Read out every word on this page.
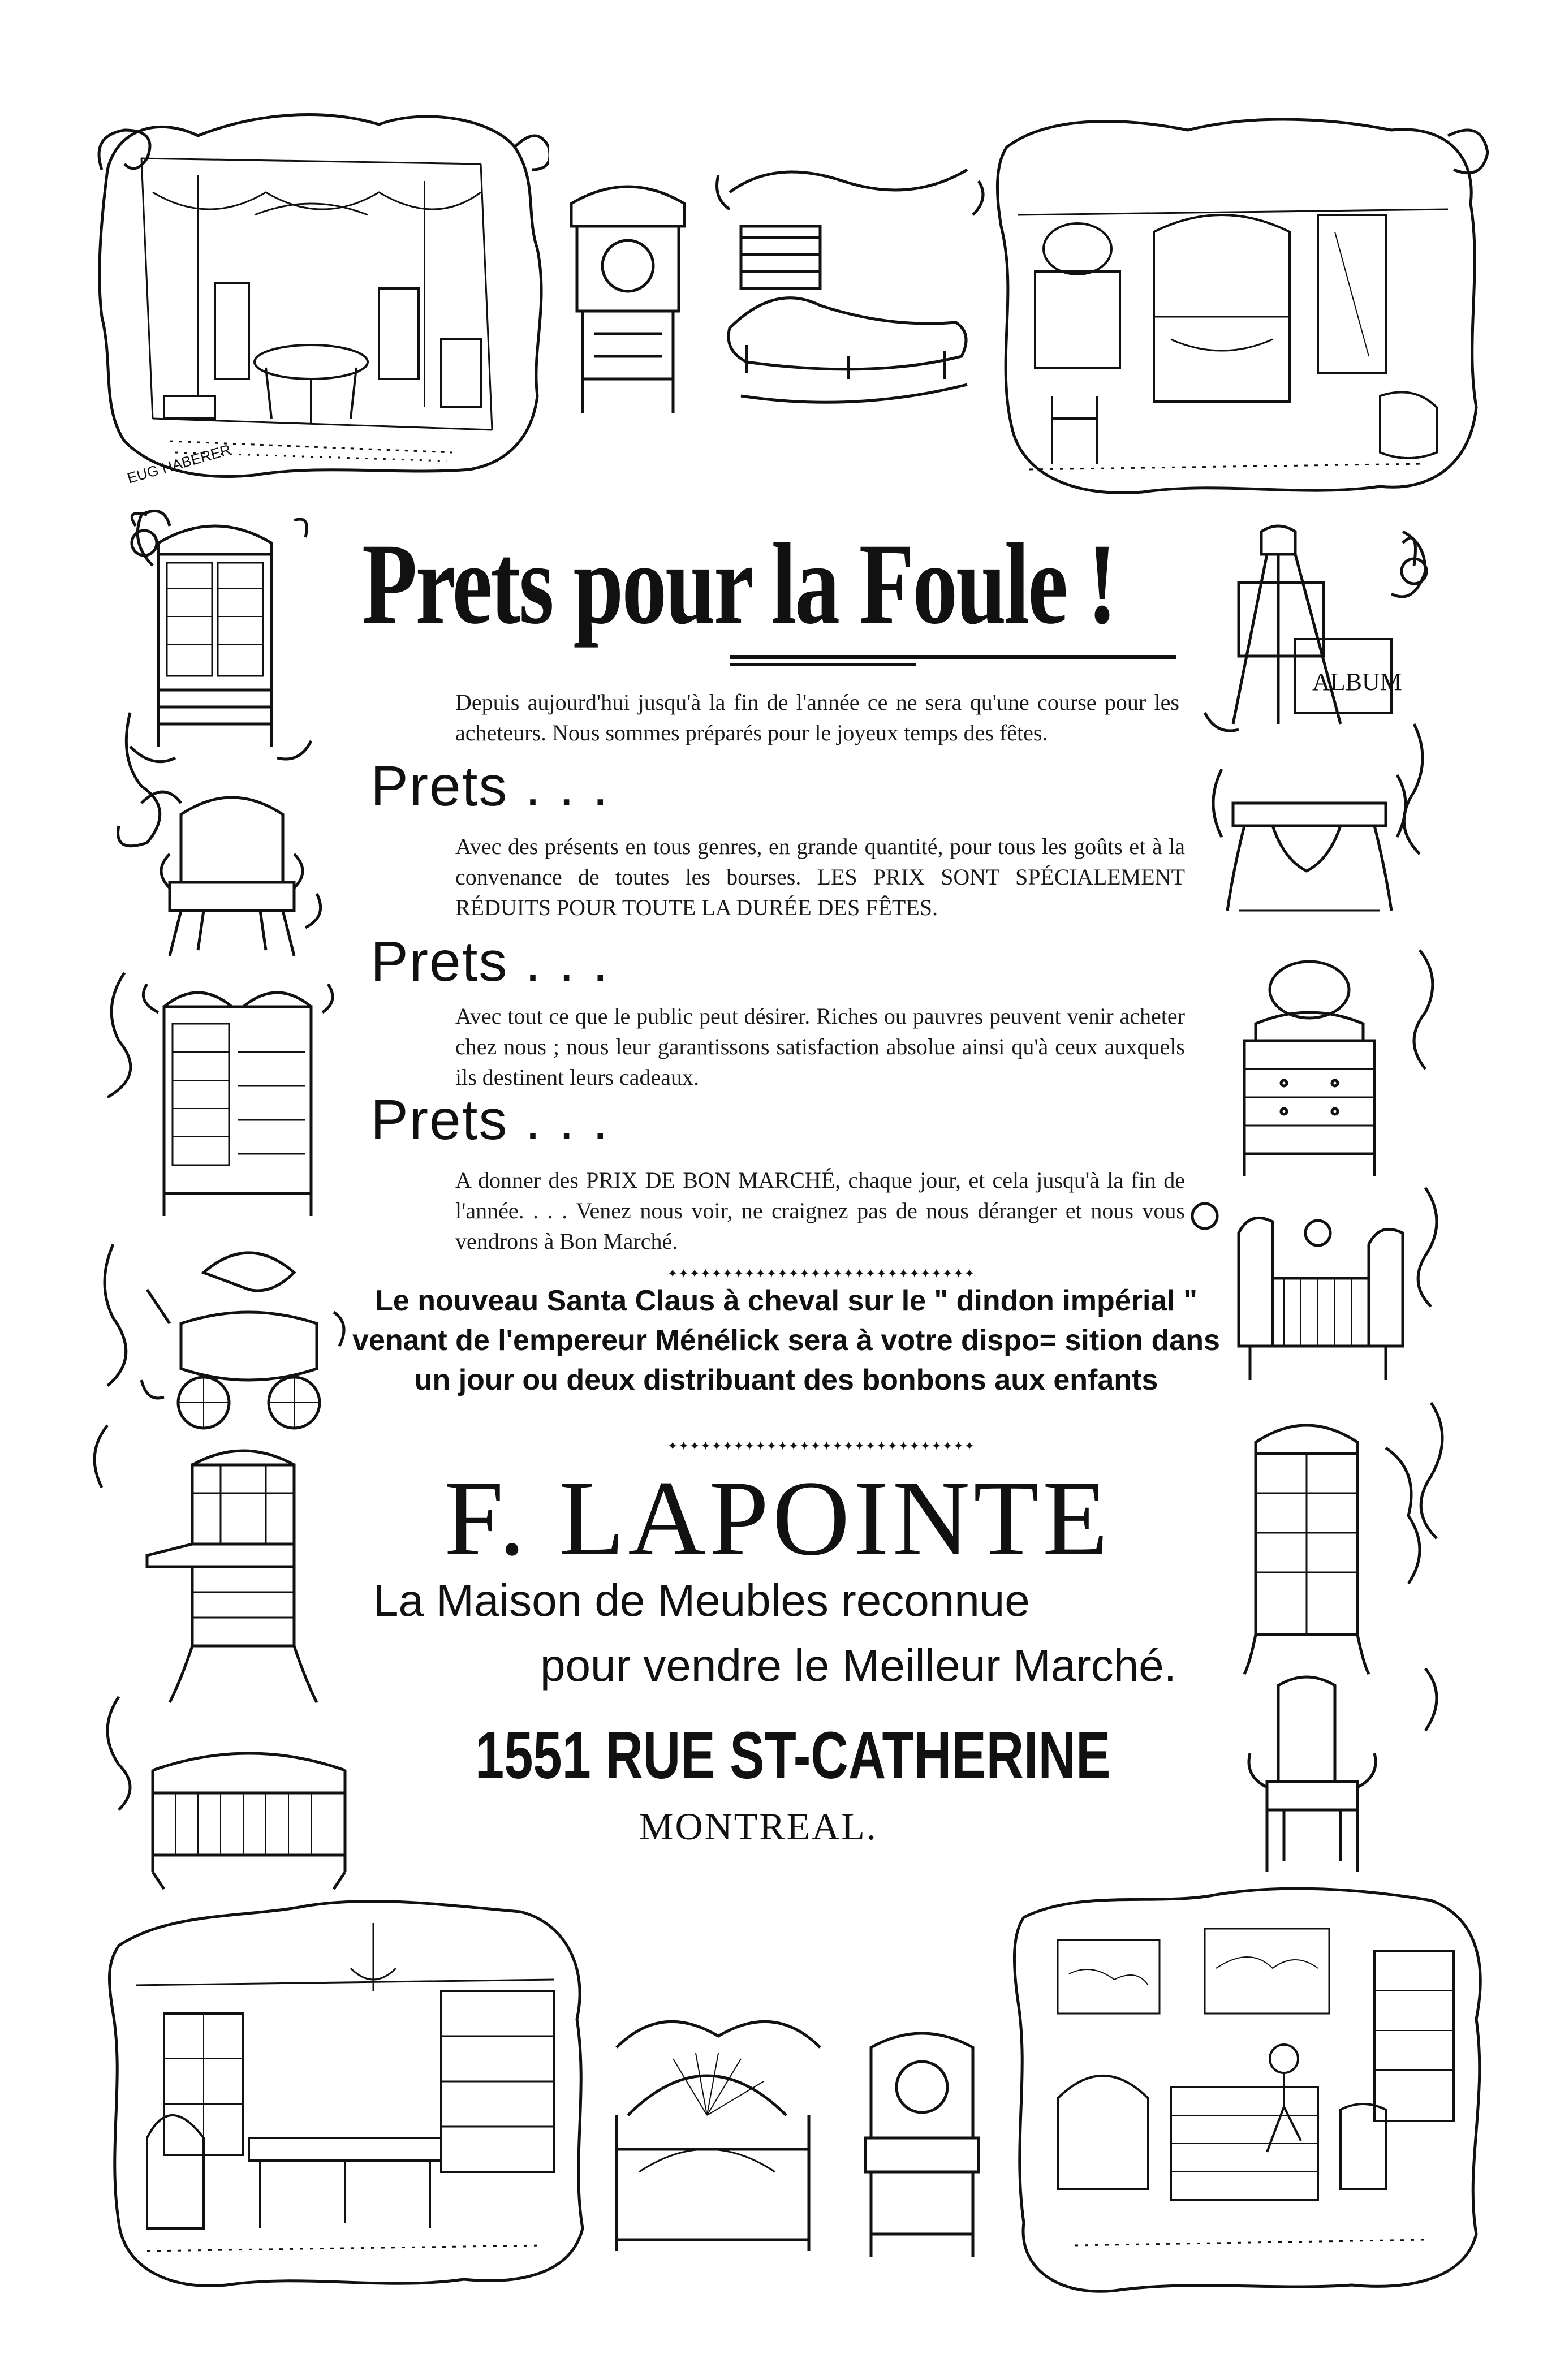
EUG HABERER
ALBUM
Prets pour la Foule !
Depuis aujourd'hui jusqu'à la fin de l'année ce ne sera qu'une course pour les acheteurs. Nous sommes préparés pour le joyeux temps des fêtes.
Prets . . .
Avec des présents en tous genres, en grande quantité, pour tous les goûts et à la convenance de toutes les bourses. LES PRIX SONT SPÉCIALEMENT RÉDUITS POUR TOUTE LA DURÉE DES FÊTES.
Prets . . .
Avec tout ce que le public peut désirer. Riches ou pauvres peuvent venir acheter chez nous ; nous leur garantissons satisfaction absolue ainsi qu'à ceux auxquels ils destinent leurs cadeaux.
Prets . . .
A donner des PRIX DE BON MARCHÉ, chaque jour, et cela jusqu'à la fin de l'année. . . . Venez nous voir, ne craignez pas de nous déranger et nous vous vendrons à Bon Marché.
✦✦✦✦✦✦✦✦✦✦✦✦✦✦✦✦✦✦✦✦✦✦✦✦✦✦✦✦
Le nouveau Santa Claus à cheval sur le " dindon impérial " venant de l'empereur Ménélick sera à votre dispo= sition dans un jour ou deux distribuant des bonbons aux enfants
✦✦✦✦✦✦✦✦✦✦✦✦✦✦✦✦✦✦✦✦✦✦✦✦✦✦✦✦
F. LAPOINTE
La Maison de Meubles reconnue
pour vendre le Meilleur Marché.
1551 RUE ST-CATHERINE
MONTREAL.
